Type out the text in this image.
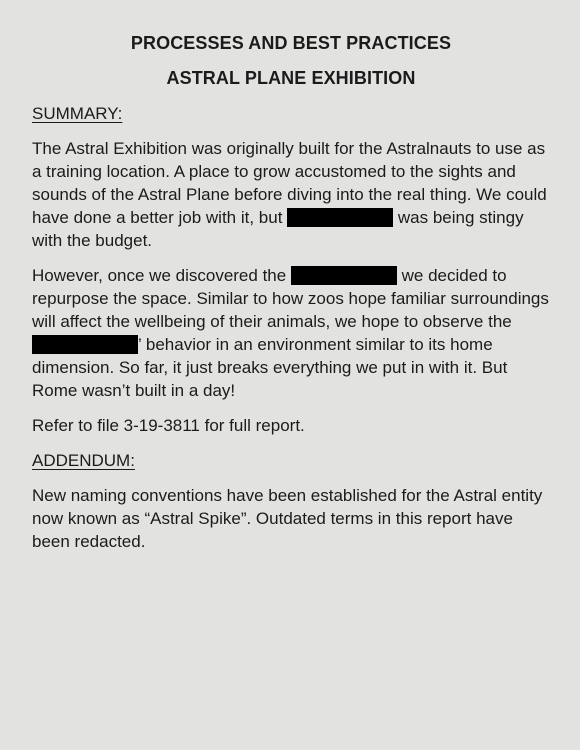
PROCESSES AND BEST PRACTICES
ASTRAL PLANE EXHIBITION
SUMMARY:

The Astral Exhibition was originally built for the Astralnauts to use as a training location. A place to grow accustomed to the sights and sounds of the Astral Plane before diving into the real thing. We could have done a better job with it, but	was being stingy with the budget.

However, once we discovered the	we decided to repurpose the space. Similar to how zoos hope familiar surroundings will affect the wellbeing of their animals, we hope to observe the ’ behavior in an environment similar to its home dimension. So far, it just breaks everything we put in with it. But Rome wasn’t built in a day!

Refer to file 3-19-3811 for full report.

ADDENDUM:

New naming conventions have been established for the Astral entity now known as “Astral Spike”. Outdated terms in this report have been redacted.
